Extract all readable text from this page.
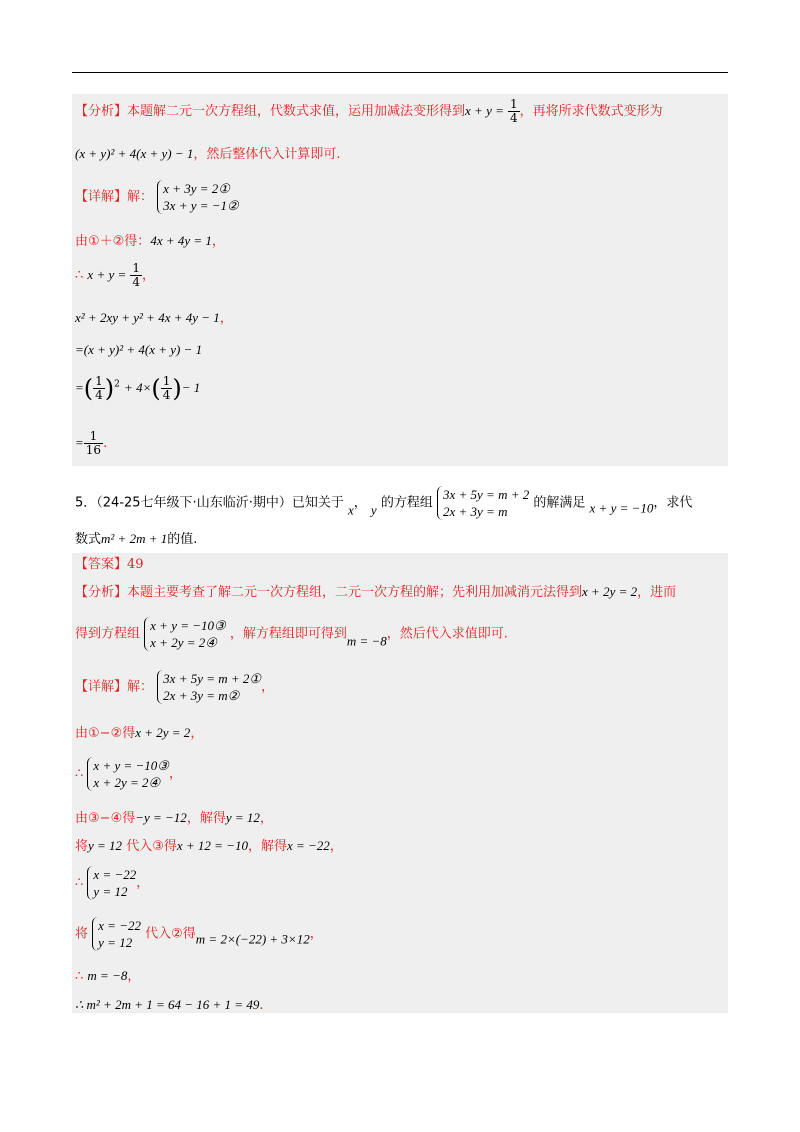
【分析】本题解二元一次方程组，代数式求值，运用加减法变形得到$x + y = \frac{1}{4}$ ，再将所求代数式变形为
(x + y)² + 4(x + y) − 1，然后整体代入计算即可.
【详解】解：
x + 3y = 2①
3x + y = −1②
由①＋②得：4x + 4y = 1，
∴ $x + y = \frac{1}{4}$ ，
x² + 2xy + y² + 4x + 4y − 1，
=(x + y)² + 4(x + y) − 1
=( $\frac{1}{4} )^2 + 4\times( \frac{1}{4}$ )− 1
= $\frac{1}{16}$ .
5．（24-25七年级下·山东临沂·期中）已知关于 x， y 的方程组
3x + 5y = m + 2
2x + 3y = m
的解满足 x + y = −10，求代
数式m² + 2m + 1的值.
【答案】49
【分析】本题主要考查了解二元一次方程组，二元一次方程的解；先利用加减消元法得到x + 2y = 2，进而
得到方程组
x + y = −10③
x + 2y = 2④
，解方程组即可得到m = −8，然后代入求值即可.
【详解】解：
3x + 5y = m + 2①
2x + 3y = m②
，
由①−②得x + 2y = 2，
∴
x + y = −10③
x + 2y = 2④
，
由③−④得−y = −12，解得y = 12，
将y = 12 代入③得x + 12 = −10，解得x = −22，
∴
x = −22
y = 12
，
将
x = −22
y = 12
代入②得m = 2×(−22) + 3×12，
∴ m = −8，
∴ m² + 2m + 1 = 64 − 16 + 1 = 49.
